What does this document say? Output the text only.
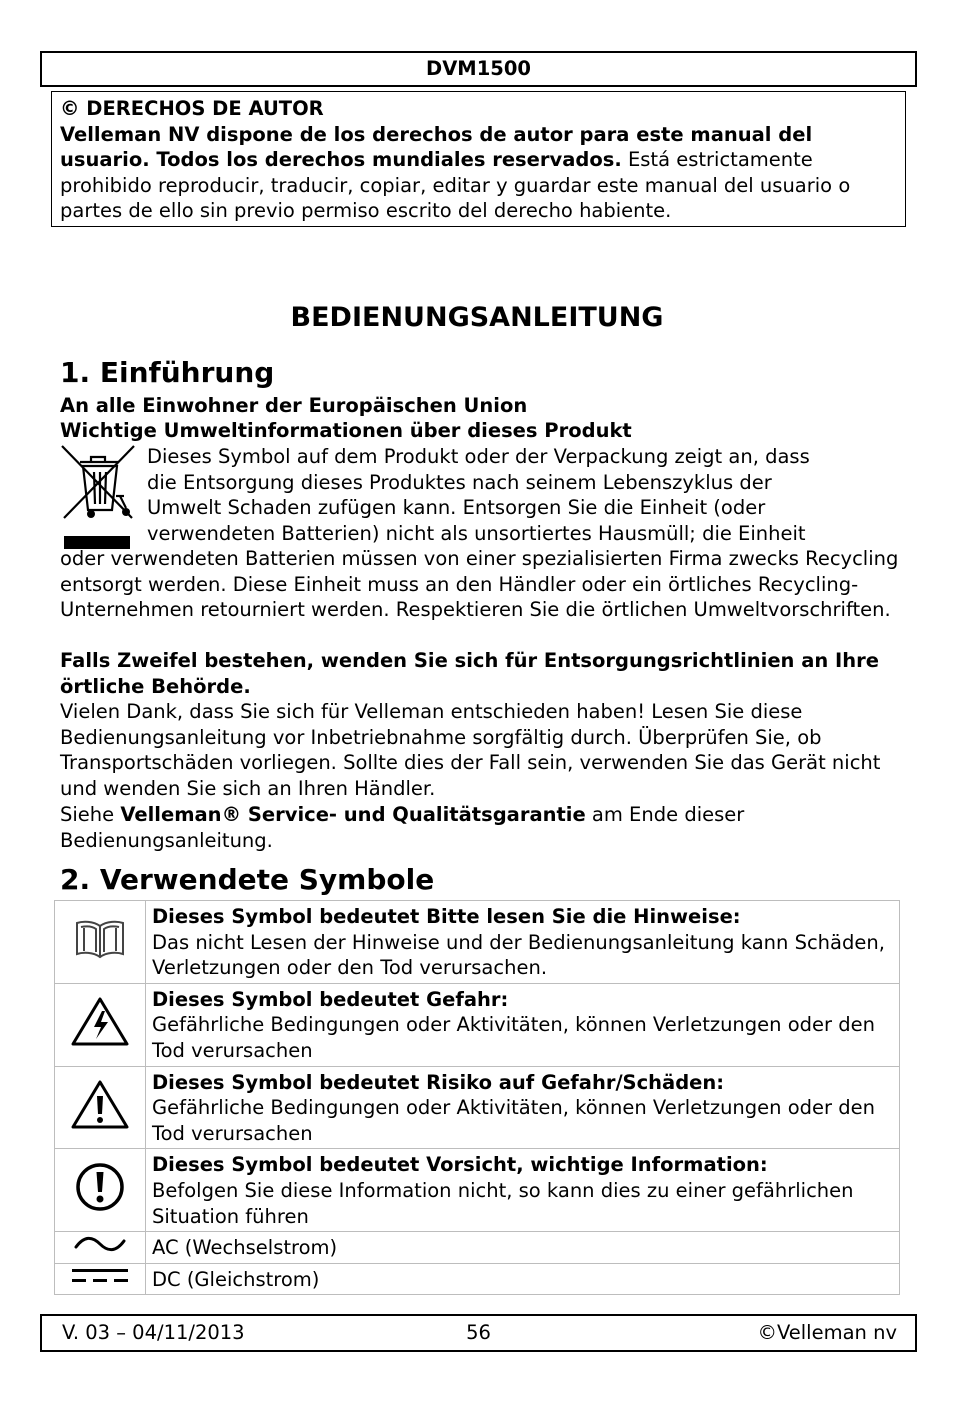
DVM1500
© DERECHOS DE AUTOR
Velleman NV dispone de los derechos de autor para este manual del usuario. Todos los derechos mundiales reservados. Está estrictamente prohibido reproducir, traducir, copiar, editar y guardar este manual del usuario o partes de ello sin previo permiso escrito del derecho habiente.
BEDIENUNGSANLEITUNG
1. Einführung
An alle Einwohner der Europäischen Union
Wichtige Umweltinformationen über dieses Produkt
Dieses Symbol auf dem Produkt oder der Verpackung zeigt an, dass
die Entsorgung dieses Produktes nach seinem Lebenszyklus der
Umwelt Schaden zufügen kann. Entsorgen Sie die Einheit (oder
verwendeten Batterien) nicht als unsortiertes Hausmüll; die Einheit
oder verwendeten Batterien müssen von einer spezialisierten Firma zwecks Recycling entsorgt werden. Diese Einheit muss an den Händler oder ein örtliches Recycling-Unternehmen retourniert werden. Respektieren Sie die örtlichen Umweltvorschriften.
Falls Zweifel bestehen, wenden Sie sich für Entsorgungsrichtlinien an Ihre örtliche Behörde.
Vielen Dank, dass Sie sich für Velleman entschieden haben! Lesen Sie diese Bedienungsanleitung vor Inbetriebnahme sorgfältig durch. Überprüfen Sie, ob Transportschäden vorliegen. Sollte dies der Fall sein, verwenden Sie das Gerät nicht und wenden Sie sich an Ihren Händler.
Siehe Velleman® Service- und Qualitätsgarantie am Ende dieser Bedienungsanleitung.
2. Verwendete Symbole

Dieses Symbol bedeutet Bitte lesen Sie die Hinweise:
Das nicht Lesen der Hinweise und der Bedienungsanleitung kann Schäden, Verletzungen oder den Tod verursachen.

Dieses Symbol bedeutet Gefahr:
Gefährliche Bedingungen oder Aktivitäten, können Verletzungen oder den Tod verursachen

Dieses Symbol bedeutet Risiko auf Gefahr/Schäden:
Gefährliche Bedingungen oder Aktivitäten, können Verletzungen oder den Tod verursachen

Dieses Symbol bedeutet Vorsicht, wichtige Information:
Befolgen Sie diese Information nicht, so kann dies zu einer gefährlichen Situation führen

AC (Wechselstrom)

DC (Gleichstrom)
56
V. 03 – 04/11/2013	©Velleman nv
